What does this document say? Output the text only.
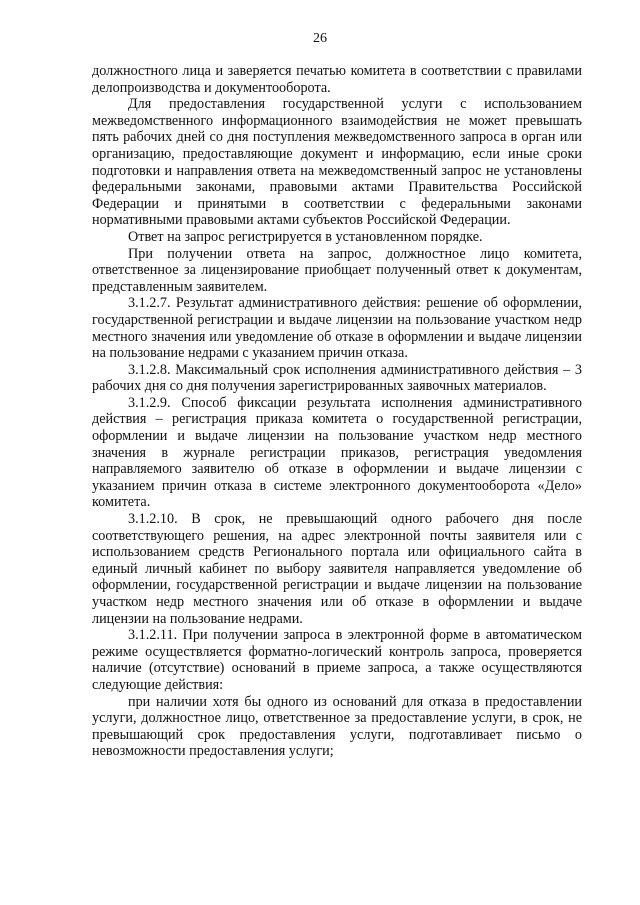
26

должностного лица и заверяется печатью комитета в соответствии с правилами делопроизводства и документооборота.

Для предоставления государственной услуги с использованием межведомственного информационного взаимодействия не может превышать пять рабочих дней со дня поступления межведомственного запроса в орган или организацию, предоставляющие документ и информацию, если иные сроки подготовки и направления ответа на межведомственный запрос не установлены федеральными законами, правовыми актами Правительства Российской Федерации и принятыми в соответствии с федеральными законами нормативными правовыми актами субъектов Российской Федерации.

Ответ на запрос регистрируется в установленном порядке.

При получении ответа на запрос, должностное лицо комитета, ответственное за лицензирование приобщает полученный ответ к документам, представленным заявителем.

3.1.2.7. Результат административного действия: решение об оформлении, государственной регистрации и выдаче лицензии на пользование участком недр местного значения или уведомление об отказе в оформлении и выдаче лицензии на пользование недрами с указанием причин отказа.

3.1.2.8. Максимальный срок исполнения административного действия – 3 рабочих дня со дня получения зарегистрированных заявочных материалов.

3.1.2.9. Способ фиксации результата исполнения административного действия – регистрация приказа комитета о государственной регистрации, оформлении и выдаче лицензии на пользование участком недр местного значения в журнале регистрации приказов, регистрация уведомления направляемого заявителю об отказе в оформлении и выдаче лицензии с указанием причин отказа в системе электронного документооборота «Дело» комитета.

3.1.2.10. В срок, не превышающий одного рабочего дня после соответствующего решения, на адрес электронной почты заявителя или с использованием средств Регионального портала или официального сайта в единый личный кабинет по выбору заявителя направляется уведомление об оформлении, государственной регистрации и выдаче лицензии на пользование участком недр местного значения или об отказе в оформлении и выдаче лицензии на пользование недрами.

3.1.2.11. При получении запроса в электронной форме в автоматическом режиме осуществляется форматно-логический контроль запроса, проверяется наличие (отсутствие) оснований в приеме запроса, а также осуществляются следующие действия:

при наличии хотя бы одного из оснований для отказа в предоставлении услуги, должностное лицо, ответственное за предоставление услуги, в срок, не превышающий срок предоставления услуги, подготавливает письмо о невозможности предоставления услуги;
